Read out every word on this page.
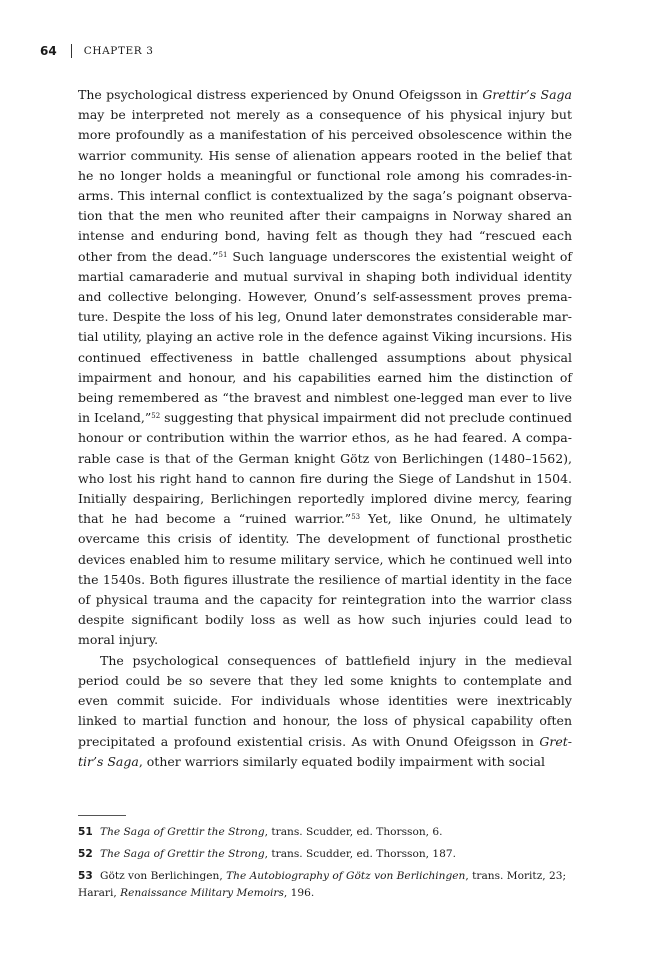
64	CHAPTER 3

The psychological distress experienced by Onund Ofeigsson in Grettir’s Saga may be interpreted not merely as a consequence of his physical injury but more profoundly as a manifestation of his perceived obsolescence within the warrior community. His sense of alienation appears rooted in the belief that he no longer holds a meaningful or functional role among his comrades-in-arms. This internal conflict is contextualized by the saga’s poignant observation that the men who reunited after their campaigns in Norway shared an intense and enduring bond, having felt as though they had “rescued each other from the dead.”$^{51}$ Such language underscores the existential weight of martial camaraderie and mutual survival in shaping both individual identity and collective belonging. However, Onund’s self-assessment proves premature. Despite the loss of his leg, Onund later demonstrates considerable martial utility, playing an active role in the defence against Viking incursions. His continued effectiveness in battle challenged assumptions about physical impairment and honour, and his capabilities earned him the distinction of being remembered as “the bravest and nimblest one-legged man ever to live in Iceland,”$^{52}$ suggesting that physical impairment did not preclude continued honour or contribution within the warrior ethos, as he had feared. A comparable case is that of the German knight Götz von Berlichingen (1480–1562), who lost his right hand to cannon fire during the Siege of Landshut in 1504. Initially despairing, Berlichingen reportedly implored divine mercy, fearing that he had become a “ruined warrior.”$^{53}$ Yet, like Onund, he ultimately overcame this crisis of identity. The development of functional prosthetic devices enabled him to resume military service, which he continued well into the 1540s. Both figures illustrate the resilience of martial identity in the face of physical trauma and the capacity for reintegration into the warrior class despite significant bodily loss as well as how such injuries could lead to moral injury.

The psychological consequences of battlefield injury in the medieval period could be so severe that they led some knights to contemplate and even commit suicide. For individuals whose identities were inextricably linked to martial function and honour, the loss of physical capability often precipitated a profound existential crisis. As with Onund Ofeigsson in Grettir’s Saga, other warriors similarly equated bodily impairment with social

51 The Saga of Grettir the Strong, trans. Scudder, ed. Thorsson, 6.

52 The Saga of Grettir the Strong, trans. Scudder, ed. Thorsson, 187.

53 Götz von Berlichingen, The Autobiography of Götz von Berlichingen, trans. Moritz, 23; Harari, Renaissance Military Memoirs, 196.
